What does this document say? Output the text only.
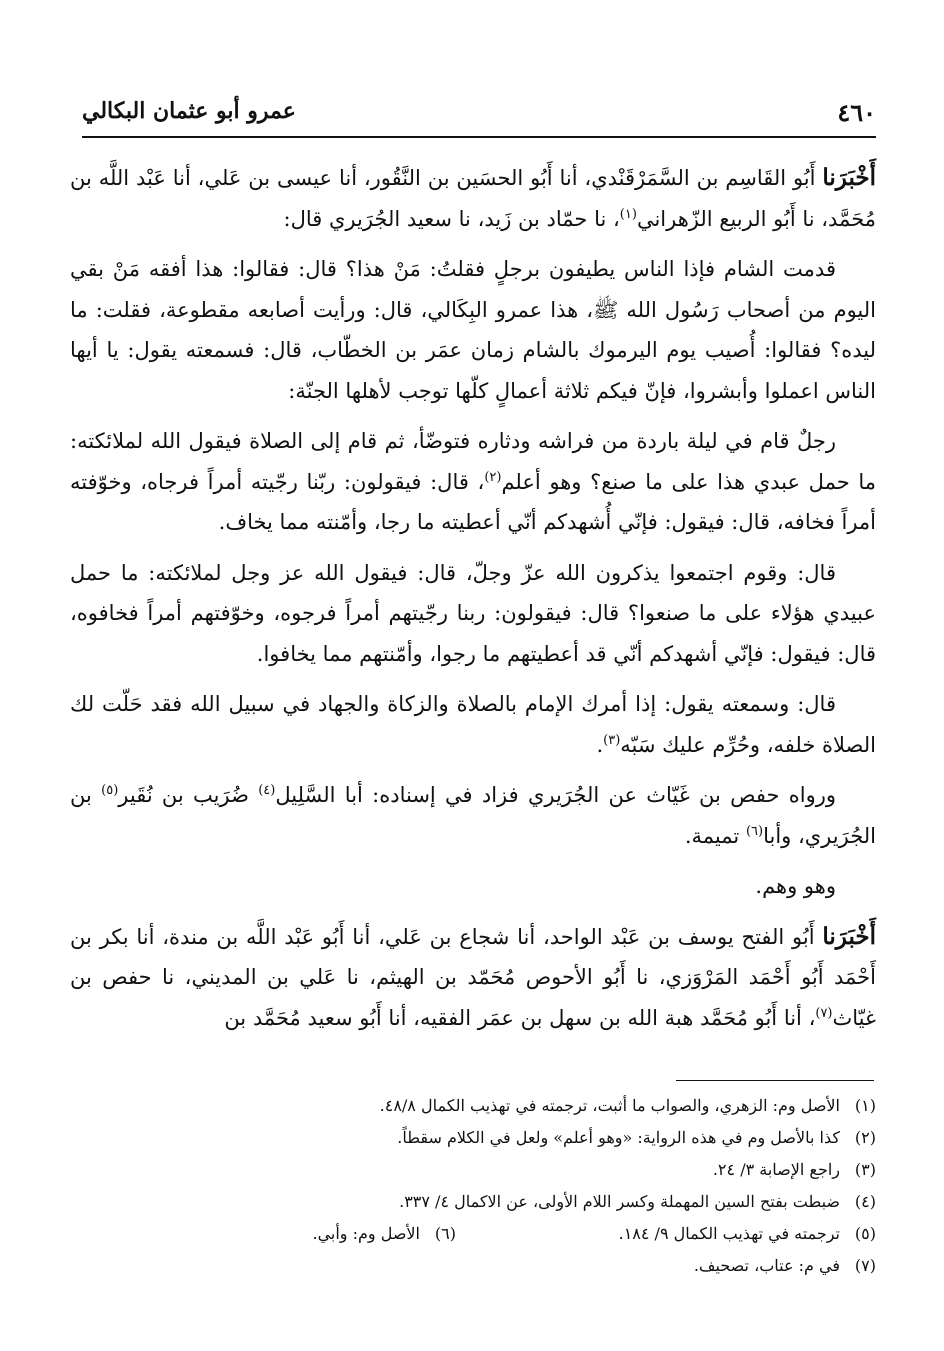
٤٦٠
عمرو أبو عثمان البكالي

أَخْبَرَنا أَبُو القَاسِم بن السَّمَرْقَنْدي، أنا أَبُو الحسَين بن النَّقُور، أنا عيسى بن عَلي، أنا عَبْد اللَّه بن مُحَمَّد، نا أَبُو الربيع الزّهراني$^{(١)}$، نا حمّاد بن زَيد، نا سعيد الجُرَيري قال:

قدمت الشام فإذا الناس يطيفون برجلٍ فقلتُ: مَنْ هذا؟ قال: فقالوا: هذا أفقه مَنْ بقي اليوم من أصحاب رَسُول الله ﷺ، هذا عمرو البِكَالي، قال: ورأيت أصابعه مقطوعة، فقلت: ما ليده؟ فقالوا: أُصيب يوم اليرموك بالشام زمان عمَر بن الخطّاب، قال: فسمعته يقول: يا أيها الناس اعملوا وأبشروا، فإنّ فيكم ثلاثة أعمالٍ كلّها توجب لأهلها الجنّة:

رجلٌ قام في ليلة باردة من فراشه ودثاره فتوضّأ، ثم قام إلى الصلاة فيقول الله لملائكته: ما حمل عبدي هذا على ما صنع؟ وهو أعلم$^{(٢)}$، قال: فيقولون: ربّنا رجّيته أمراً فرجاه، وخوّفته أمراً فخافه، قال: فيقول: فإنّي أُشهدكم أنّي أعطيته ما رجا، وأمّنته مما يخاف.

قال: وقوم اجتمعوا يذكرون الله عزّ وجلّ، قال: فيقول الله عز وجل لملائكته: ما حمل عبيدي هؤلاء على ما صنعوا؟ قال: فيقولون: ربنا رجّيتهم أمراً فرجوه، وخوّفتهم أمراً فخافوه، قال: فيقول: فإنّي أشهدكم أنّي قد أعطيتهم ما رجوا، وأمّنتهم مما يخافوا.

قال: وسمعته يقول: إذا أمرك الإمام بالصلاة والزكاة والجهاد في سبيل الله فقد حَلّت لك الصلاة خلفه، وحُرِّم عليك سَبّه$^{(٣)}$.

ورواه حفص بن غَيّاث عن الجُرَيري فزاد في إسناده: أبا السَّلِيل$^{(٤)}$ ضُرَيب بن نُقَير$^{(٥)}$ بن الجُرَيري، وأبا$^{(٦)}$ تميمة.

وهو وهم.

أَخْبَرَنا أَبُو الفتح يوسف بن عَبْد الواحد، أنا شجاع بن عَلي، أنا أَبُو عَبْد اللَّه بن مندة، أنا بكر بن أَحْمَد أَبُو أَحْمَد المَرْوَزي، نا أَبُو الأحوص مُحَمّد بن الهيثم، نا عَلي بن المديني، نا حفص بن غيّاث$^{(٧)}$، أنا أَبُو مُحَمَّد هبة الله بن سهل بن عمَر الفقيه، أنا أَبُو سعيد مُحَمَّد بن

(١)الأصل وم: الزهري، والصواب ما أثبت، ترجمته في تهذيب الكمال ٤٨/٨.
(٢)كذا بالأصل وم في هذه الرواية: «وهو أعلم» ولعل في الكلام سقطاً.
(٣)راجع الإصابة ٣/ ٢٤.
(٤)ضبطت بفتح السين المهملة وكسر اللام الأولى، عن الاكمال ٤/ ٣٣٧.
(٥)ترجمته في تهذيب الكمال ٩/ ١٨٤.
(٦)الأصل وم: وأبي.
(٧)في م: عتاب، تصحيف.
